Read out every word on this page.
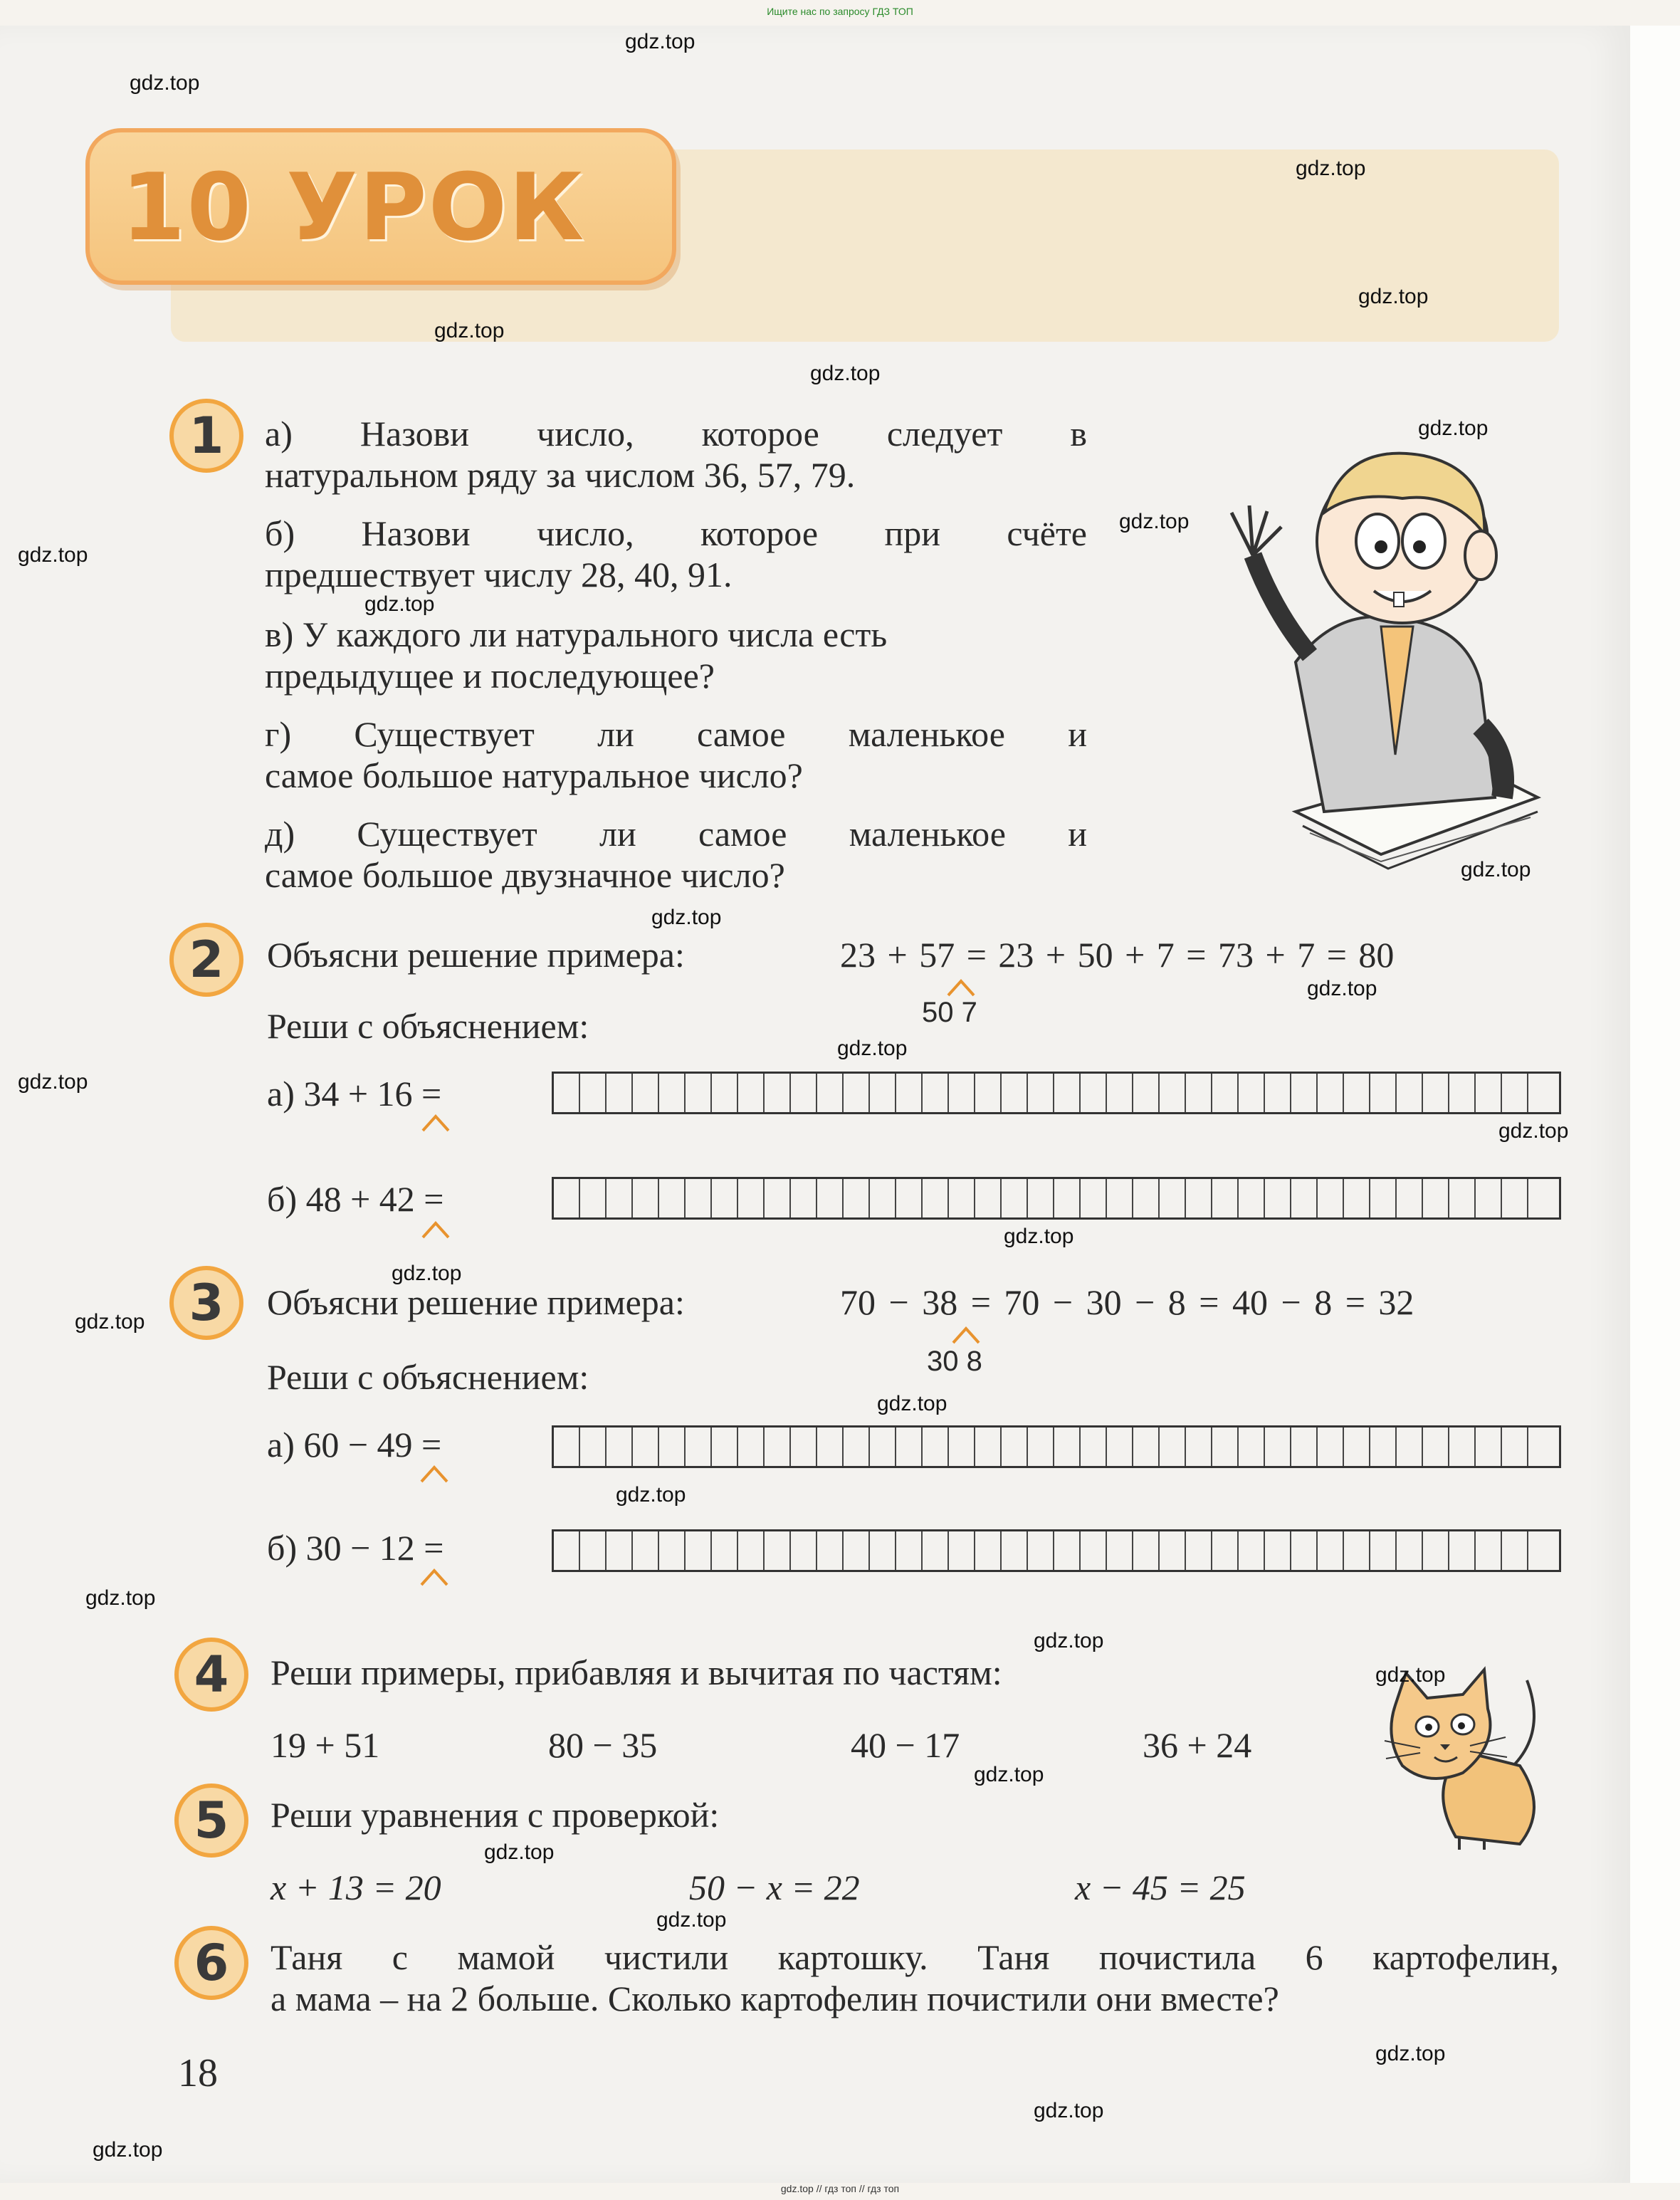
Ищите нас по запросу ГДЗ ТОП
10 УРОК
1	а) Назови число, которое следует в
натуральном ряду за числом 36, 57, 79.
б) Назови число, которое при счёте
предшествует числу 28, 40, 91.
в) У каждого ли натурального числа есть
предыдущее и последующее?
г) Существует ли самое маленькое и
самое большое натуральное число?
д) Существует ли самое маленькое и
самое большое двузначное число?
2	Объясни решение примера:	23 + 57 = 23 + 50 + 7 = 73 + 7 = 80
50 7
Реши с объяснением:
а) 34 + 16 =
б) 48 + 42 =
3	Объясни решение примера:	70 − 38 = 70 − 30 − 8 = 40 − 8 = 32
30 8
Реши с объяснением:
а) 60 − 49 =
б) 30 − 12 =
4	Реши примеры, прибавляя и вычитая по частям:
19 + 51	80 − 35	40 − 17	36 + 24
5	Реши уравнения с проверкой:
x + 13 = 20	50 − x = 22	x − 45 = 25
6	Таня с мамой чистили картошку. Таня почистила 6 картофелин,
а мама – на 2 больше. Сколько картофелин почистили они вместе?
18
gdz.top
gdz.top
gdz.top
gdz.top
gdz.top
gdz.top
gdz.top
gdz.top
gdz.top
gdz.top
gdz.top
gdz.top
gdz.top
gdz.top
gdz.top
gdz.top
gdz.top
gdz.top
gdz.top
gdz.top
gdz.top
gdz.top
gdz.top
gdz.top
gdz.top
gdz.top
gdz.top
gdz.top
gdz.top
gdz.top
gdz.top // гдз топ // гдз топ
